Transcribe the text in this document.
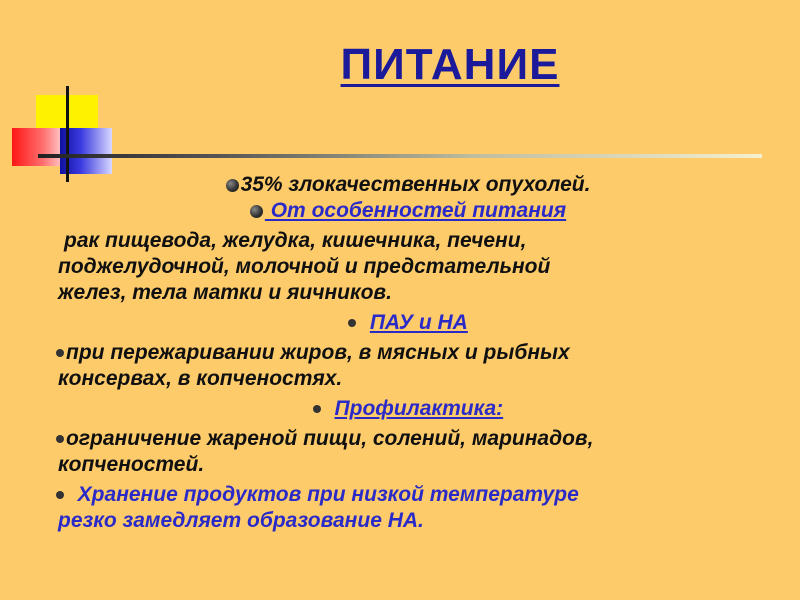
ПИТАНИЕ

35% злокачественных опухолей.

От особенностей питания

рак пищевода, желудка, кишечника, печени,

поджелудочной, молочной и предстательной

желез, тела матки и яичников.

ПАУ и НА

при пережаривании жиров, в мясных и рыбных

консервах, в копченостях.

Профилактика:

ограничение жареной пищи, солений, маринадов,

копченостей.

Хранение продуктов при низкой температуре

резко замедляет образование НА.
